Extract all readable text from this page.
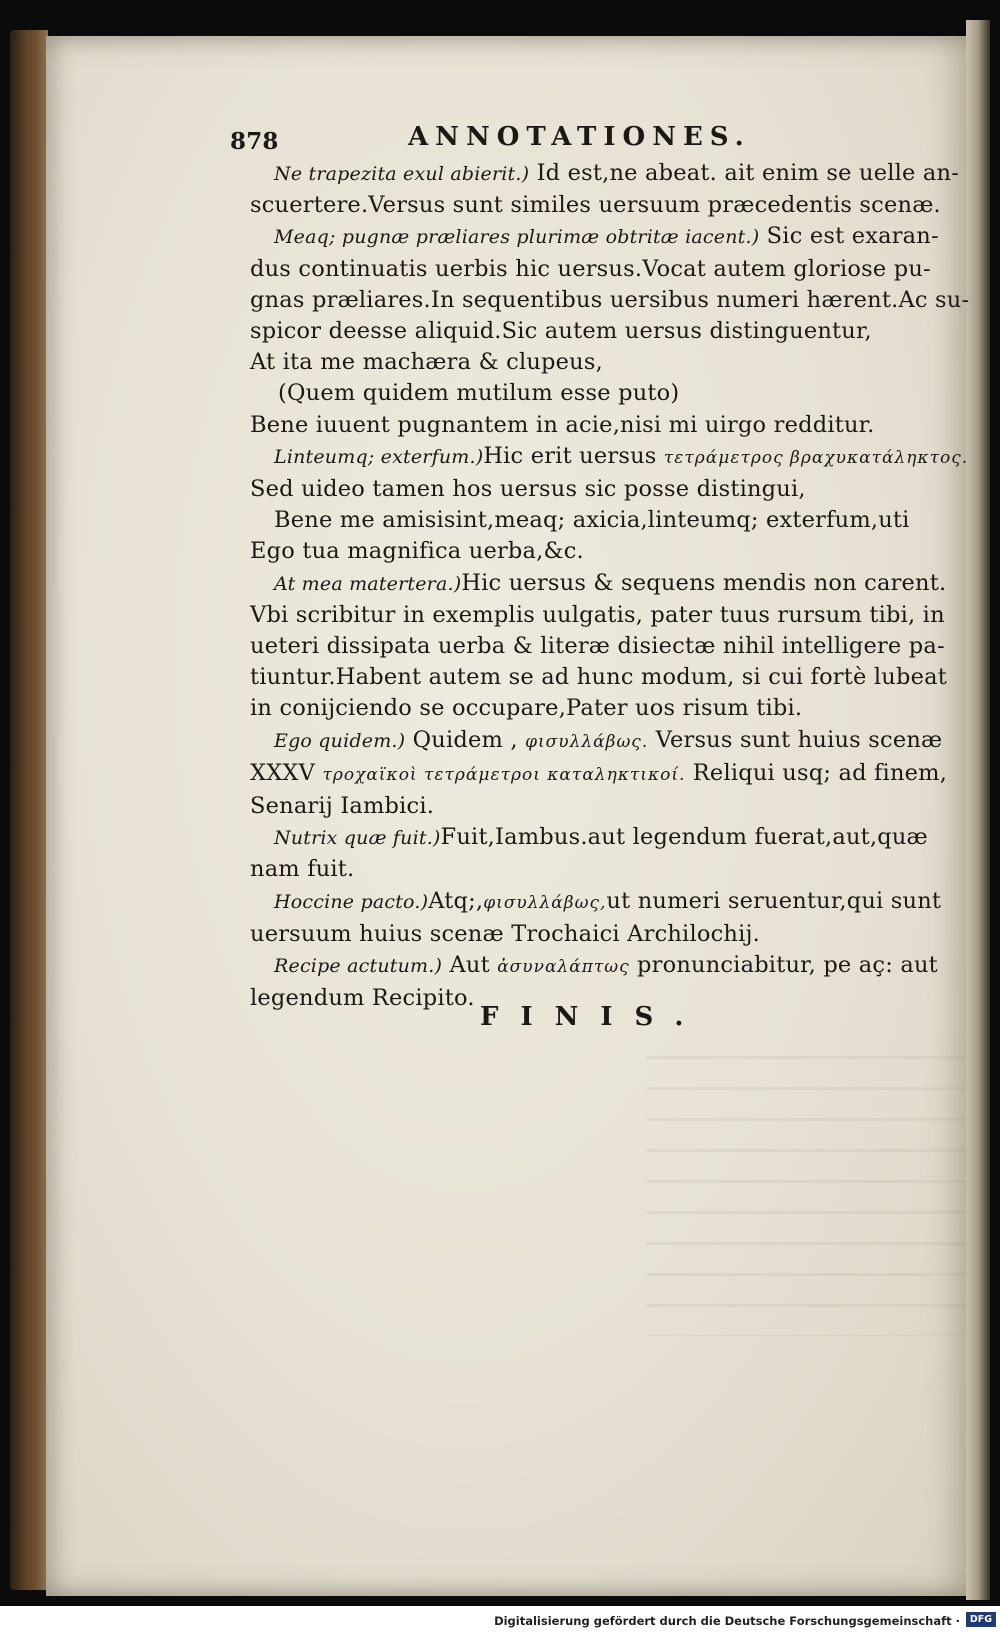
878	ANNOTATIONES.
Ne trapezita exul abierit.) Id est,ne abeat. ait enim se uelle an-
scuertere.Versus sunt similes uersuum præcedentis scenæ.
Meaq; pugnæ præliares plurimæ obtritæ iacent.) Sic est exaran-
dus continuatis uerbis hic uersus.Vocat autem gloriose pu-
gnas præliares.In sequentibus uersibus numeri hærent.Ac su-
spicor deesse aliquid.Sic autem uersus distinguentur,
At ita me machæra & clupeus,
(Quem quidem mutilum esse puto)
Bene iuuent pugnantem in acie,nisi mi uirgo redditur.
Linteumq; exterfum.)Hic erit uersus τετράμετρος βραχυκατάληκτος.
Sed uideo tamen hos uersus sic posse distingui,
Bene me amisisint,meaq; axicia,linteumq; exterfum,uti
Ego tua magnifica uerba,&c.
At mea matertera.)Hic uersus & sequens mendis non carent.
Vbi scribitur in exemplis uulgatis, pater tuus rursum tibi, in
ueteri dissipata uerba & literæ disiectæ nihil intelligere pa-
tiuntur.Habent autem se ad hunc modum, si cui fortè lubeat
in conijciendo se occupare,Pater uos risum tibi.
Ego quidem.) Quidem , φισυλλάβως. Versus sunt huius scenæ
XXXV τροχαϊκοὶ τετράμετροι καταληκτικοί. Reliqui usq; ad finem,
Senarij Iambici.
Nutrix quæ fuit.)Fuit,Iambus.aut legendum fuerat,aut,quæ
nam fuit.
Hoccine pacto.)Atq;,φισυλλάβως,ut numeri seruentur,qui sunt
uersuum huius scenæ Trochaici Archilochij.
Recipe actutum.) Aut ἀσυναλάπτως pronunciabitur, pe aç: aut
legendum Recipito.
FINIS.
Digitalisierung gefördert durch die Deutsche Forschungsgemeinschaft ·	DFG
